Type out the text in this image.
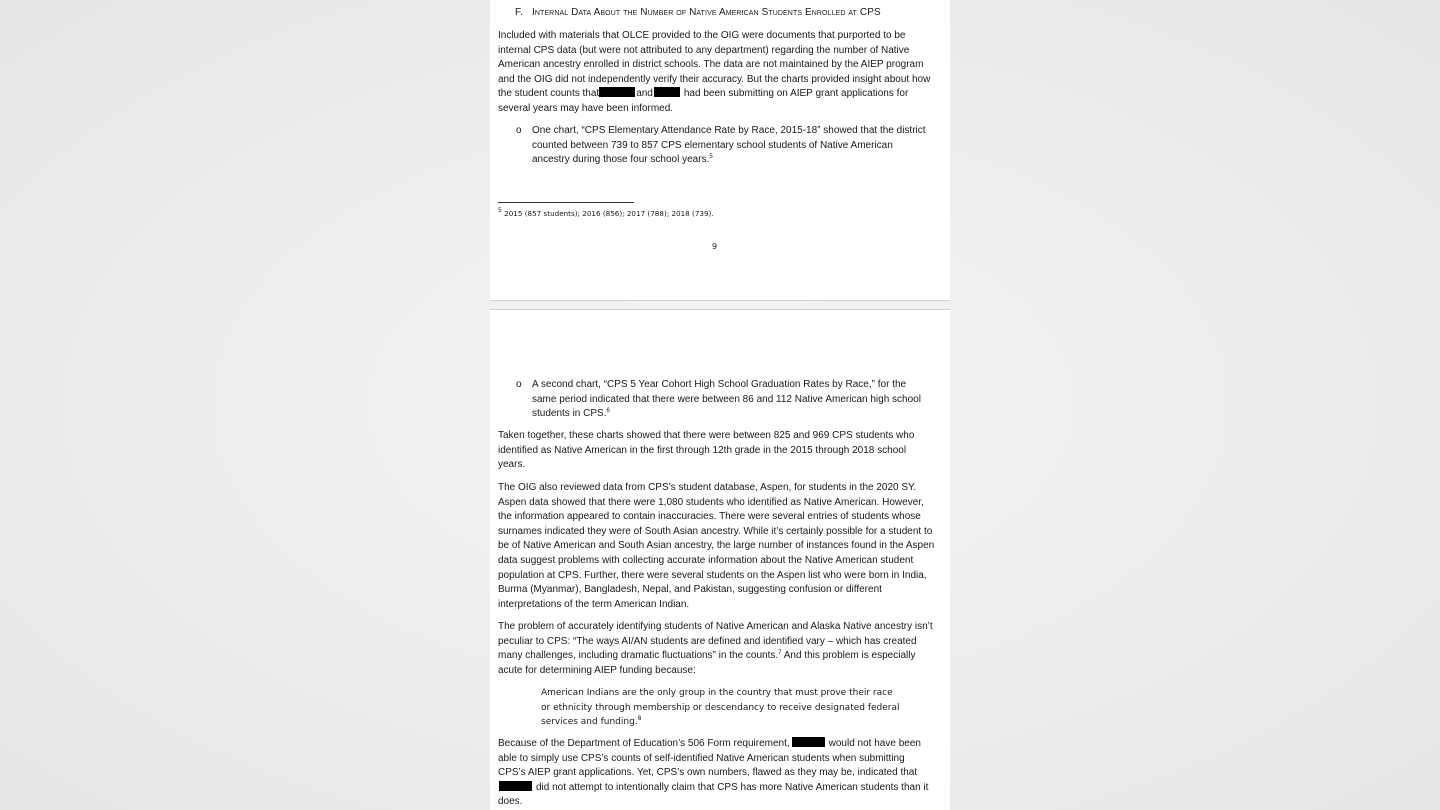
F. Internal Data About the Number of Native American Students Enrolled at CPS

Included with materials that OLCE provided to the OIG were documents that purported to be internal CPS data (but were not attributed to any department) regarding the number of Native American ancestry enrolled in district schools. The data are not maintained by the AIEP program and the OIG did not independently verify their accuracy. But the charts provided insight about how the student counts that	and	had been submitting on AIEP grant applications for several years may have been informed.

o One chart, “CPS Elementary Attendance Rate by Race, 2015-18” showed that the district counted between 739 to 857 CPS elementary school students of Native American ancestry during those four school years.$^5$

$^5$ 2015 (857 students); 2016 (856); 2017 (788); 2018 (739).
9
o A second chart, “CPS 5 Year Cohort High School Graduation Rates by Race,” for the same period indicated that there were between 86 and 112 Native American high school students in CPS.$^6$

Taken together, these charts showed that there were between 825 and 969 CPS students who identified as Native American in the first through 12th grade in the 2015 through 2018 school years.

The OIG also reviewed data from CPS’s student database, Aspen, for students in the 2020 SY. Aspen data showed that there were 1,080 students who identified as Native American. However, the information appeared to contain inaccuracies. There were several entries of students whose surnames indicated they were of South Asian ancestry. While it’s certainly possible for a student to be of Native American and South Asian ancestry, the large number of instances found in the Aspen data suggest problems with collecting accurate information about the Native American student population at CPS. Further, there were several students on the Aspen list who were born in India, Burma (Myanmar), Bangladesh, Nepal, and Pakistan, suggesting confusion or different interpretations of the term American Indian.

The problem of accurately identifying students of Native American and Alaska Native ancestry isn’t peculiar to CPS: “The ways AI/AN students are defined and identified vary – which has created many challenges, including dramatic fluctuations” in the counts.$^7$ And this problem is especially acute for determining AIEP funding because:

American Indians are the only group in the country that must prove their race or ethnicity through membership or descendancy to receive designated federal services and funding.$^8$

Because of the Department of Education’s 506 Form requirement,	would not have been able to simply use CPS’s counts of self-identified Native American students when submitting CPS’s AIEP grant applications. Yet, CPS’s own numbers, flawed as they may be, indicated thatdid not attempt to intentionally claim that CPS has more Native American students than it does.
